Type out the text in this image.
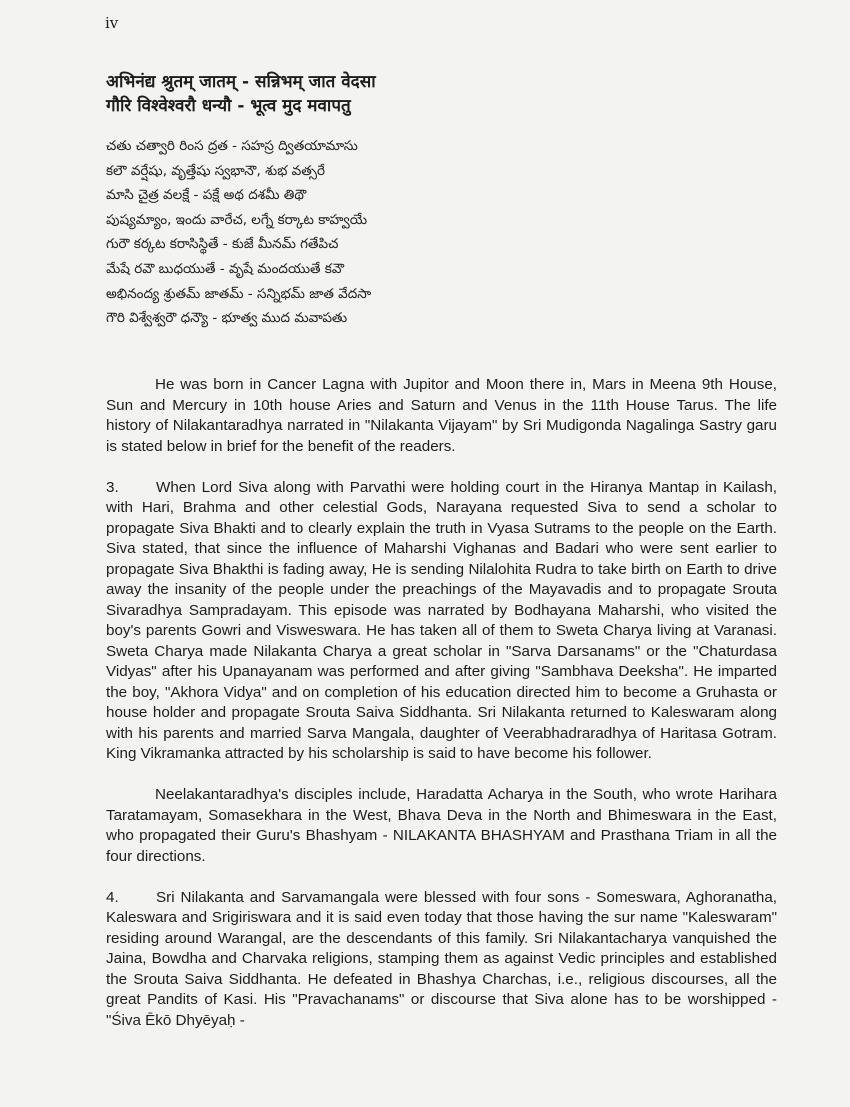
iv
अभिनंद्य श्रुतम् जातम् - सन्निभम् जात वेदसा
गौरि विश्वेश्वरौ धन्यौ - भूत्व मुद मवापतु
చతు చత్వారి రింస ద్రత - సహస్ర ద్వితయామాసు
కలౌ వర్షేషు, వృత్తేషు స్వభానౌ, శుభ వత్సరే
మాసి చైత్ర వలక్షే - పక్షే అథ దశమీ తిథౌ
పుష్యమ్యాం, ఇందు వారేచ, లగ్నే కర్కాట కాహ్వయే
గురౌ కర్కట కరాసిస్థితే - కుజే మీనమ్ గతేపిచ
మేషే రవౌ బుధయుతే - వృషే మందయుతే కవౌ
అభినంద్య శ్రుతమ్ జాతమ్ - సన్నిభమ్ జాత వేదసా
గౌరి విశ్వేశ్వరౌ ధన్యౌ - భూత్వ ముద మవాపతు

He was born in Cancer Lagna with Jupitor and Moon there in, Mars in Meena 9th House, Sun and Mercury in 10th house Aries and Saturn and Venus in the 11th House Tarus. The life history of Nilakantaradhya narrated in "Nilakanta Vijayam" by Sri Mudigonda Nagalinga Sastry garu is stated below in brief for the benefit of the readers.

3. When Lord Siva along with Parvathi were holding court in the Hiranya Mantap in Kailash, with Hari, Brahma and other celestial Gods, Narayana requested Siva to send a scholar to propagate Siva Bhakti and to clearly explain the truth in Vyasa Sutrams to the people on the Earth. Siva stated, that since the influence of Maharshi Vighanas and Badari who were sent earlier to propagate Siva Bhakthi is fading away, He is sending Nilalohita Rudra to take birth on Earth to drive away the insanity of the people under the preachings of the Mayavadis and to propagate Srouta Sivaradhya Sampradayam. This episode was narrated by Bodhayana Maharshi, who visited the boy's parents Gowri and Visweswara. He has taken all of them to Sweta Charya living at Varanasi. Sweta Charya made Nilakanta Charya a great scholar in "Sarva Darsanams" or the "Chaturdasa Vidyas" after his Upanayanam was performed and after giving "Sambhava Deeksha". He imparted the boy, "Akhora Vidya" and on completion of his education directed him to become a Gruhasta or house holder and propagate Srouta Saiva Siddhanta. Sri Nilakanta returned to Kaleswaram along with his parents and married Sarva Mangala, daughter of Veerabhadraradhya of Haritasa Gotram. King Vikramanka attracted by his scholarship is said to have become his follower.

Neelakantaradhya's disciples include, Haradatta Acharya in the South, who wrote Harihara Taratamayam, Somasekhara in the West, Bhava Deva in the North and Bhimeswara in the East, who propagated their Guru's Bhashyam - NILAKANTA BHASHYAM and Prasthana Triam in all the four directions.

4. Sri Nilakanta and Sarvamangala were blessed with four sons - Someswara, Aghoranatha, Kaleswara and Srigiriswara and it is said even today that those having the sur name "Kaleswaram" residing around Warangal, are the descendants of this family. Sri Nilakantacharya vanquished the Jaina, Bowdha and Charvaka religions, stamping them as against Vedic principles and established the Srouta Saiva Siddhanta. He defeated in Bhashya Charchas, i.e., religious discourses, all the great Pandits of Kasi. His "Pravachanams" or discourse that Siva alone has to be worshipped - "Śiva Ēkō Dhyēyaḥ -
